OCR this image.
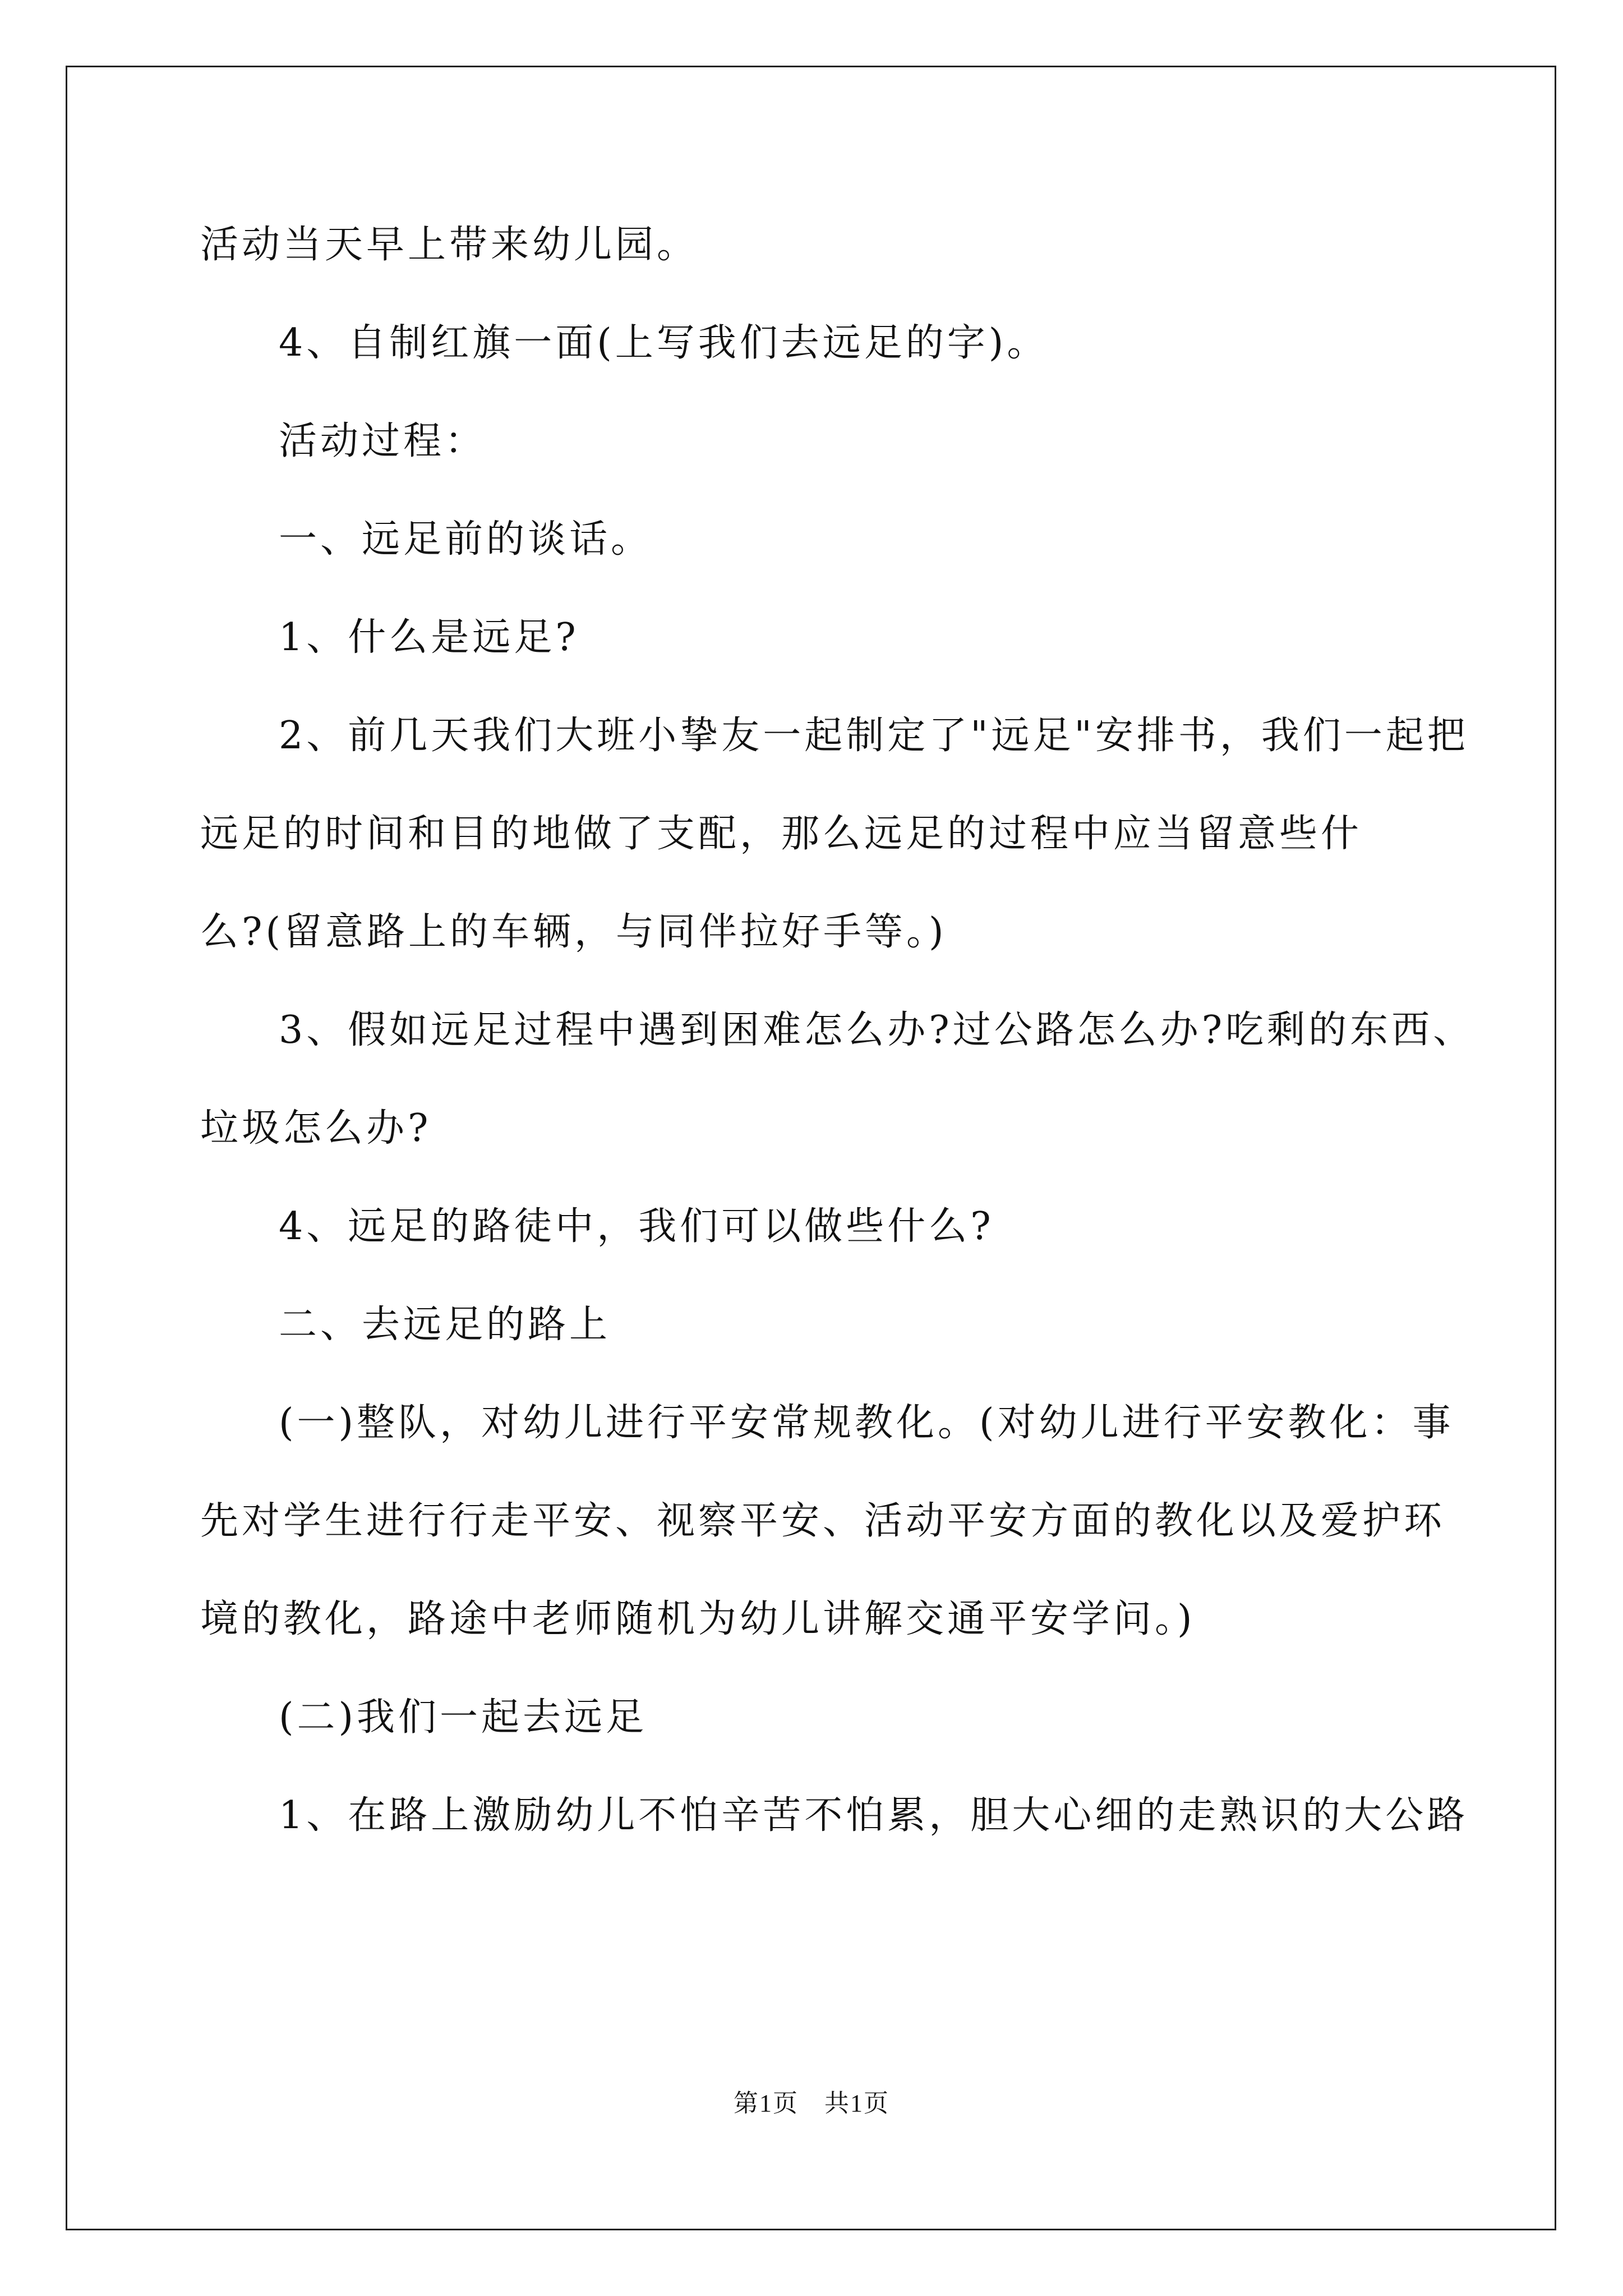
活动当天早上带来幼儿园。
4、自制红旗一面(上写我们去远足的字)。
活动过程：
一、远足前的谈话。
1、什么是远足?
2、前几天我们大班小挚友一起制定了"远足"安排书，我们一起把
远足的时间和目的地做了支配，那么远足的过程中应当留意些什
么?(留意路上的车辆，与同伴拉好手等。)
3、假如远足过程中遇到困难怎么办?过公路怎么办?吃剩的东西、
垃圾怎么办?
4、远足的路徒中，我们可以做些什么?
二、去远足的路上
(一)整队，对幼儿进行平安常规教化。(对幼儿进行平安教化：事
先对学生进行行走平安、视察平安、活动平安方面的教化以及爱护环
境的教化，路途中老师随机为幼儿讲解交通平安学问。)
(二)我们一起去远足
1、在路上激励幼儿不怕辛苦不怕累，胆大心细的走熟识的大公路
第1页　共1页
